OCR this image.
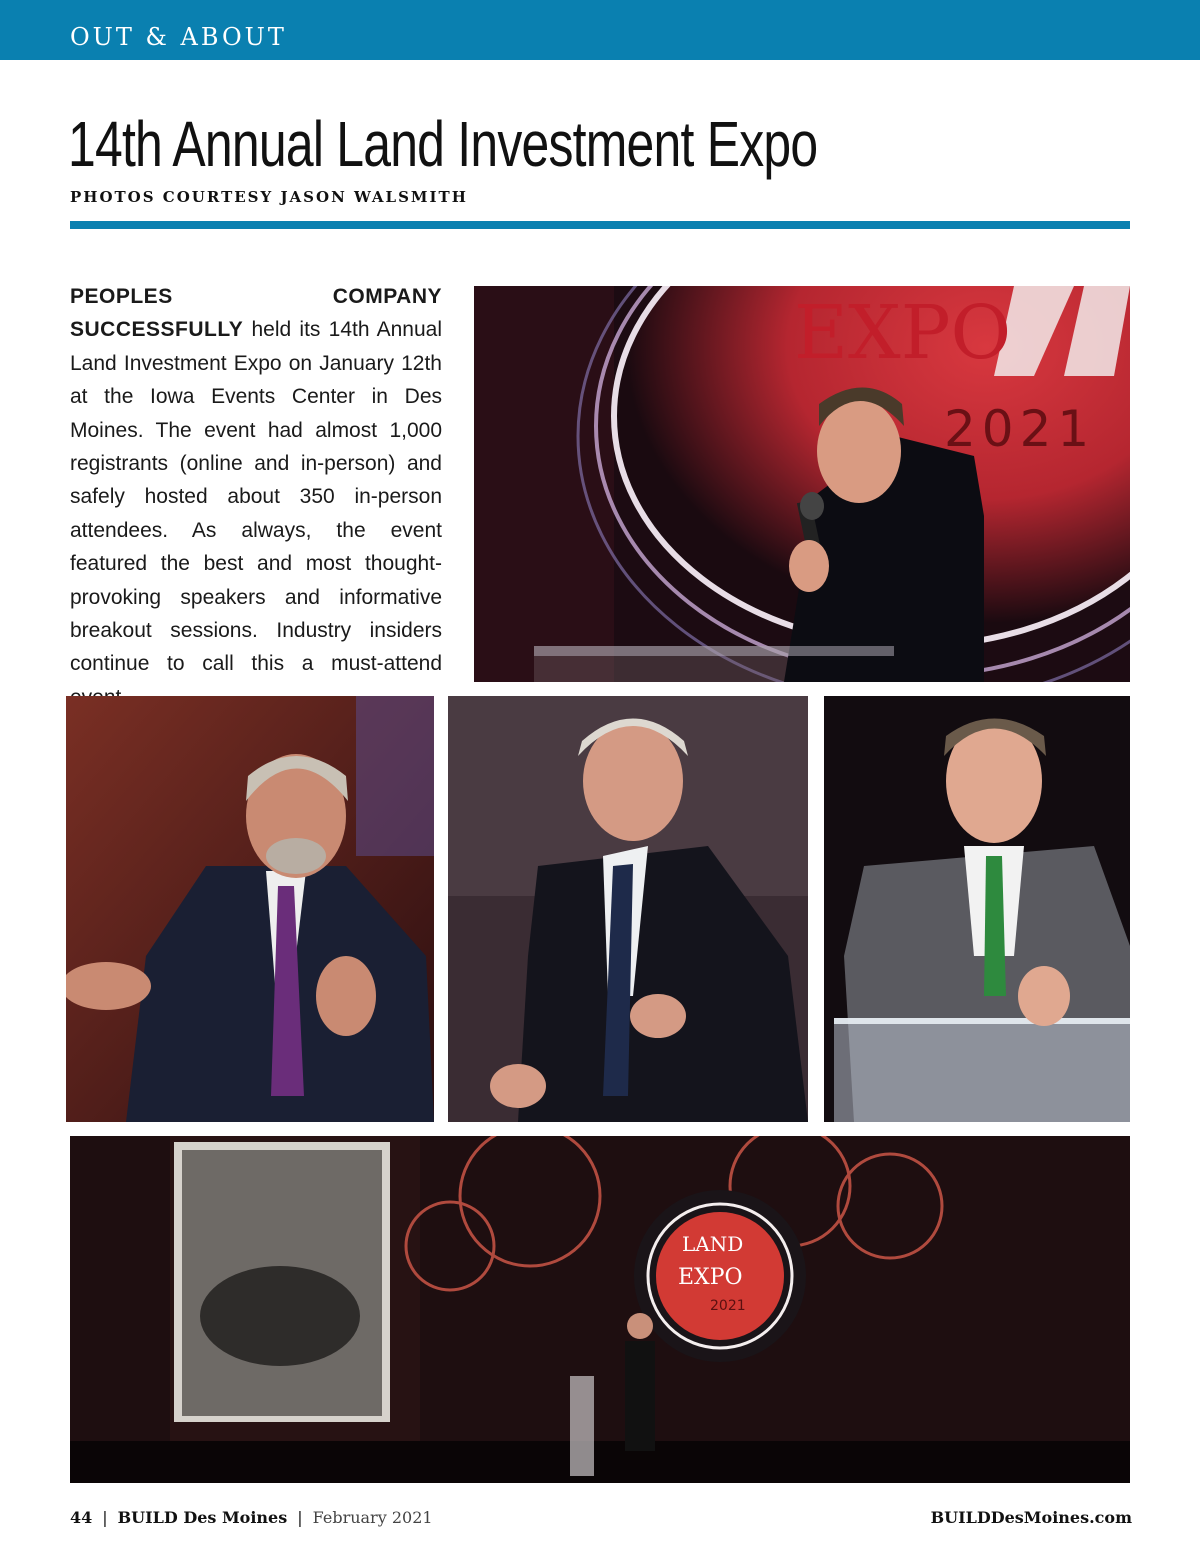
OUT & ABOUT
14th Annual Land Investment Expo
PHOTOS COURTESY JASON WALSMITH
PEOPLES COMPANY SUCCESSFULLY held its 14th Annual Land Investment Expo on January 12th at the Iowa Events Center in Des Moines. The event had almost 1,000 registrants (online and in-person) and safely hosted about 350 in-person attendees. As always, the event featured the best and most thought-provoking speakers and informative breakout sessions. Industry insiders continue to call this a must-attend
EXPO
2021
LAND
EXPO
2021
44 | BUILD Des Moines | February 2021	BUILDDesMoines.com
